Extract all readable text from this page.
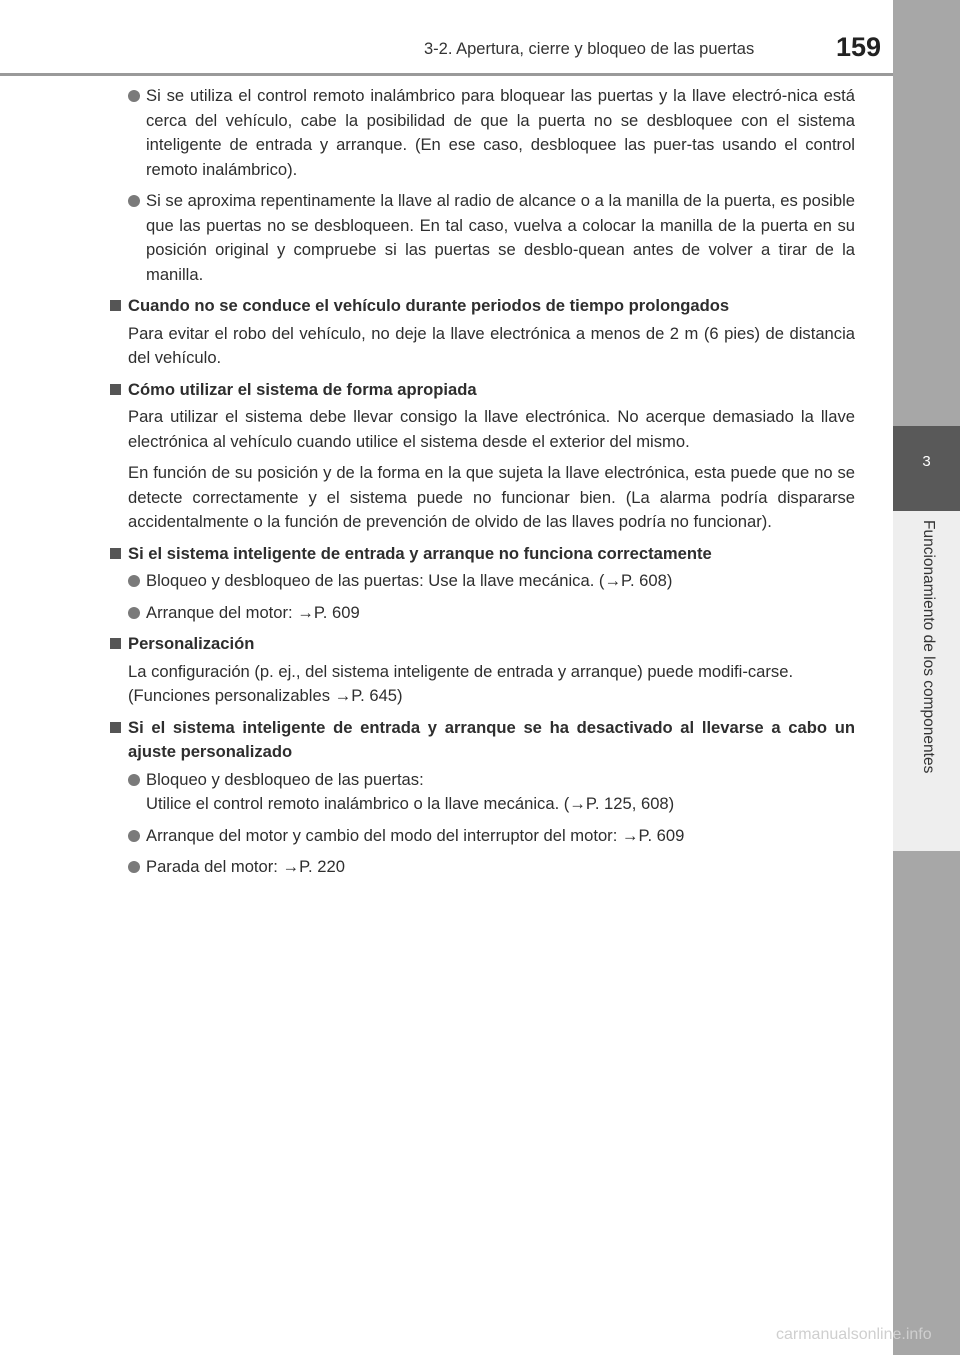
3-2. Apertura, cierre y bloqueo de las puertas	159
3
Funcionamiento de los componentes
Si se utiliza el control remoto inalámbrico para bloquear las puertas y la llave electró-nica está cerca del vehículo, cabe la posibilidad de que la puerta no se desbloquee con el sistema inteligente de entrada y arranque. (En ese caso, desbloquee las puer-tas usando el control remoto inalámbrico).
Si se aproxima repentinamente la llave al radio de alcance o a la manilla de la puerta, es posible que las puertas no se desbloqueen. En tal caso, vuelva a colocar la manilla de la puerta en su posición original y compruebe si las puertas se desblo-quean antes de volver a tirar de la manilla.
Cuando no se conduce el vehículo durante periodos de tiempo prolongados
Para evitar el robo del vehículo, no deje la llave electrónica a menos de 2 m (6 pies) de distancia del vehículo.
Cómo utilizar el sistema de forma apropiada
Para utilizar el sistema debe llevar consigo la llave electrónica. No acerque demasiado la llave electrónica al vehículo cuando utilice el sistema desde el exterior del mismo.
En función de su posición y de la forma en la que sujeta la llave electrónica, esta puede que no se detecte correctamente y el sistema puede no funcionar bien. (La alarma podría dispararse accidentalmente o la función de prevención de olvido de las llaves podría no funcionar).
Si el sistema inteligente de entrada y arranque no funciona correctamente
Bloqueo y desbloqueo de las puertas: Use la llave mecánica. (→P. 608)
Arranque del motor: →P. 609
Personalización
La configuración (p. ej., del sistema inteligente de entrada y arranque) puede modifi-carse.
(Funciones personalizables →P. 645)
Si el sistema inteligente de entrada y arranque se ha desactivado al llevarse a cabo un ajuste personalizado
Bloqueo y desbloqueo de las puertas:
Utilice el control remoto inalámbrico o la llave mecánica. (→P. 125, 608)
Arranque del motor y cambio del modo del interruptor del motor: →P. 609
Parada del motor: →P. 220
carmanualsonline.info
